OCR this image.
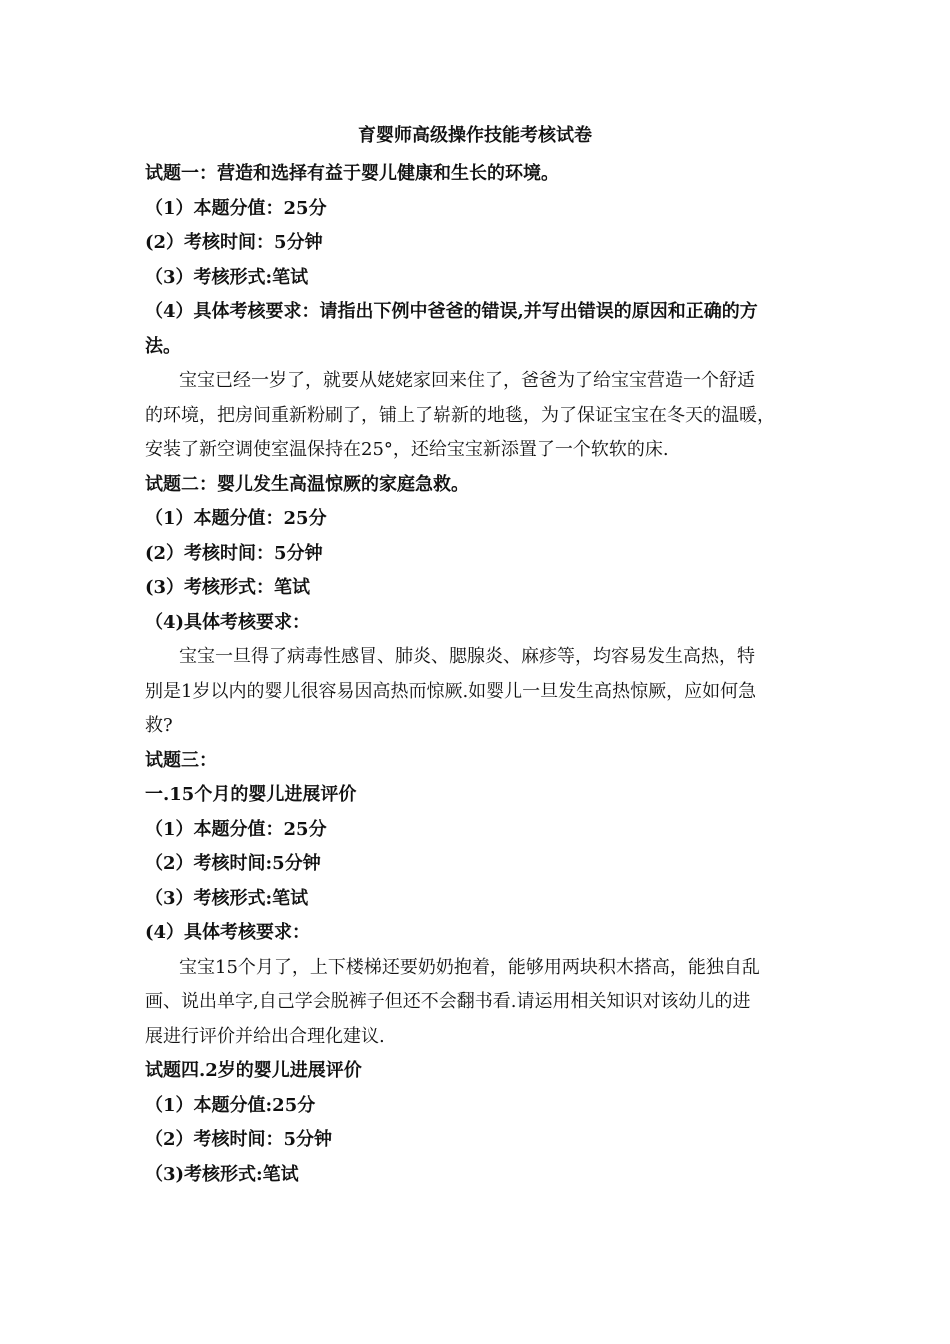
育婴师高级操作技能考核试卷

试题一：营造和选择有益于婴儿健康和生长的环境。

（1）本题分值：25分

(2）考核时间：5分钟

（3）考核形式:笔试

（4）具体考核要求：请指出下例中爸爸的错误,并写出错误的原因和正确的方

法。

宝宝已经一岁了，就要从姥姥家回来住了，爸爸为了给宝宝营造一个舒适

的环境，把房间重新粉刷了，铺上了崭新的地毯，为了保证宝宝在冬天的温暖，

安装了新空调使室温保持在25°，还给宝宝新添置了一个软软的床.

试题二：婴儿发生高温惊厥的家庭急救。

（1）本题分值：25分

(2）考核时间：5分钟

(3）考核形式：笔试

（4)具体考核要求：

宝宝一旦得了病毒性感冒、肺炎、腮腺炎、麻疹等，均容易发生高热，特

别是1岁以内的婴儿很容易因高热而惊厥.如婴儿一旦发生高热惊厥，应如何急

救?

试题三：

一.15个月的婴儿进展评价

（1）本题分值：25分

（2）考核时间:5分钟

（3）考核形式:笔试

(4）具体考核要求：

宝宝15个月了，上下楼梯还要奶奶抱着，能够用两块积木搭高，能独自乱

画、说出单字,自己学会脱裤子但还不会翻书看.请运用相关知识对该幼儿的进

展进行评价并给出合理化建议.

试题四.2岁的婴儿进展评价

（1）本题分值:25分

（2）考核时间：5分钟

（3)考核形式:笔试
